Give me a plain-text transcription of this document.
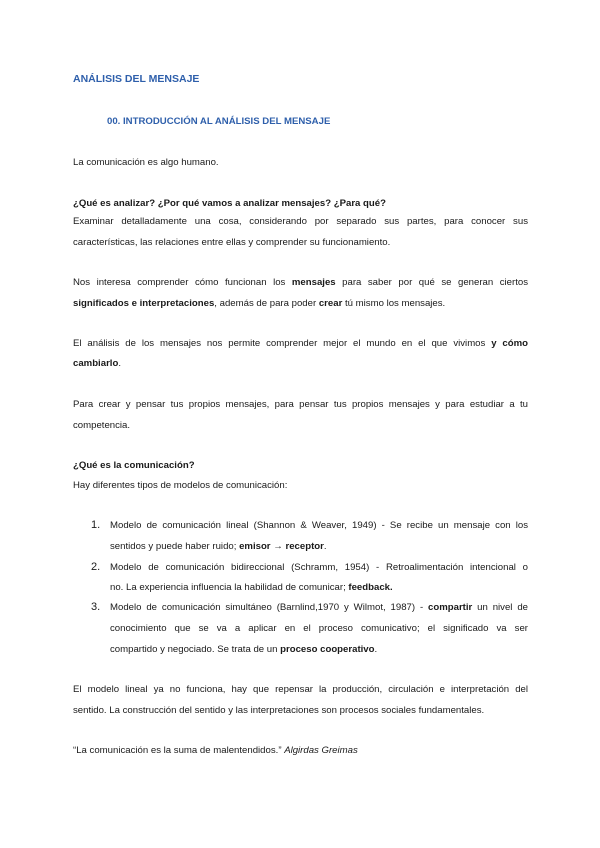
ANÁLISIS DEL MENSAJE
00. INTRODUCCIÓN AL ANÁLISIS DEL MENSAJE
La comunicación es algo humano.
¿Qué es analizar? ¿Por qué vamos a analizar mensajes? ¿Para qué?
Examinar detalladamente una cosa, considerando por separado sus partes, para conocer sus
características, las relaciones entre ellas y comprender su funcionamiento.
Nos interesa comprender cómo funcionan los mensajes para saber por qué se generan ciertos
significados e interpretaciones, además de para poder crear tú mismo los mensajes.
El análisis de los mensajes nos permite comprender mejor el mundo en el que vivimos y cómo
cambiarlo.
Para crear y pensar tus propios mensajes, para pensar tus propios mensajes y para estudiar a tu
competencia.
¿Qué es la comunicación?
Hay diferentes tipos de modelos de comunicación:
1. Modelo de comunicación lineal (Shannon & Weaver, 1949) - Se recibe un mensaje con los
sentidos y puede haber ruido; emisor → receptor.
2. Modelo de comunicación bidireccional (Schramm, 1954) - Retroalimentación intencional o
no. La experiencia influencia la habilidad de comunicar; feedback.
3. Modelo de comunicación simultáneo (Barnlind,1970 y Wilmot, 1987) - compartir un nivel de
conocimiento que se va a aplicar en el proceso comunicativo; el significado va ser
compartido y negociado. Se trata de un proceso cooperativo.
El modelo lineal ya no funciona, hay que repensar la producción, circulación e interpretación del
sentido. La construcción del sentido y las interpretaciones son procesos sociales fundamentales.
“La comunicación es la suma de malentendidos.” Algirdas Greimas
